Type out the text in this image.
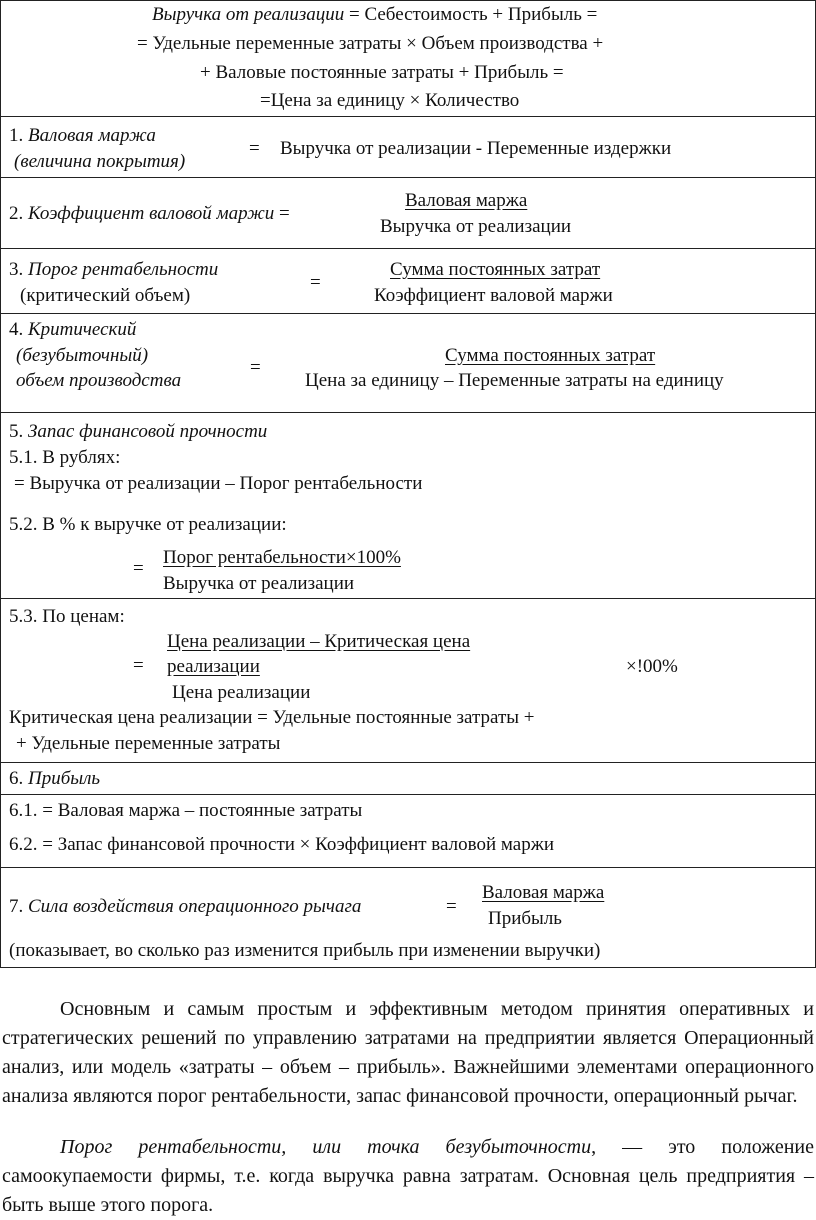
Выручка от реализации = Себестоимость + Прибыль =
= Удельные переменные затраты × Объем производства +
+ Валовые постоянные затраты + Прибыль =
=Цена за единицу × Количество
1. Валовая маржа
(величина покрытия)
= Выручка от реализации - Переменные издержки
2. Коэффициент валовой маржи =
Валовая маржа
Выручка от реализации
3. Порог рентабельности
(критический объем)
=
Сумма постоянных затрат
Коэффициент валовой маржи
4. Критический
(безубыточный)
объем производства
=
Сумма постоянных затрат
Цена за единицу – Переменные затраты на единицу
5. Запас финансовой прочности
5.1. В рублях:
= Выручка от реализации – Порог рентабельности
5.2. В % к выручке от реализации:
=
Порог рентабельности×100%
Выручка от реализации
5.3. По ценам:
=
Цена реализации – Критическая цена
реализации
Цена реализации
×!00%
Критическая цена реализации = Удельные постоянные затраты +
+ Удельные переменные затраты
6. Прибыль
6.1. = Валовая маржа – постоянные затраты
6.2. = Запас финансовой прочности × Коэффициент валовой маржи
7. Сила воздействия операционного рычага	=
Валовая маржа
Прибыль
(показывает, во сколько раз изменится прибыль при изменении выручки)
Основным и самым простым и эффективным методом принятия оперативных и стратегических решений по управлению затратами на предприятии является Операционный анализ, или модель «затраты – объем – прибыль». Важнейшими элементами операционного анализа являются порог рентабельности, запас финансовой прочности, операционный рычаг.
Порог рентабельности, или точка безубыточности, — это положение самоокупаемости фирмы, т.е. когда выручка равна затратам. Основная цель предприятия – быть выше этого порога.
